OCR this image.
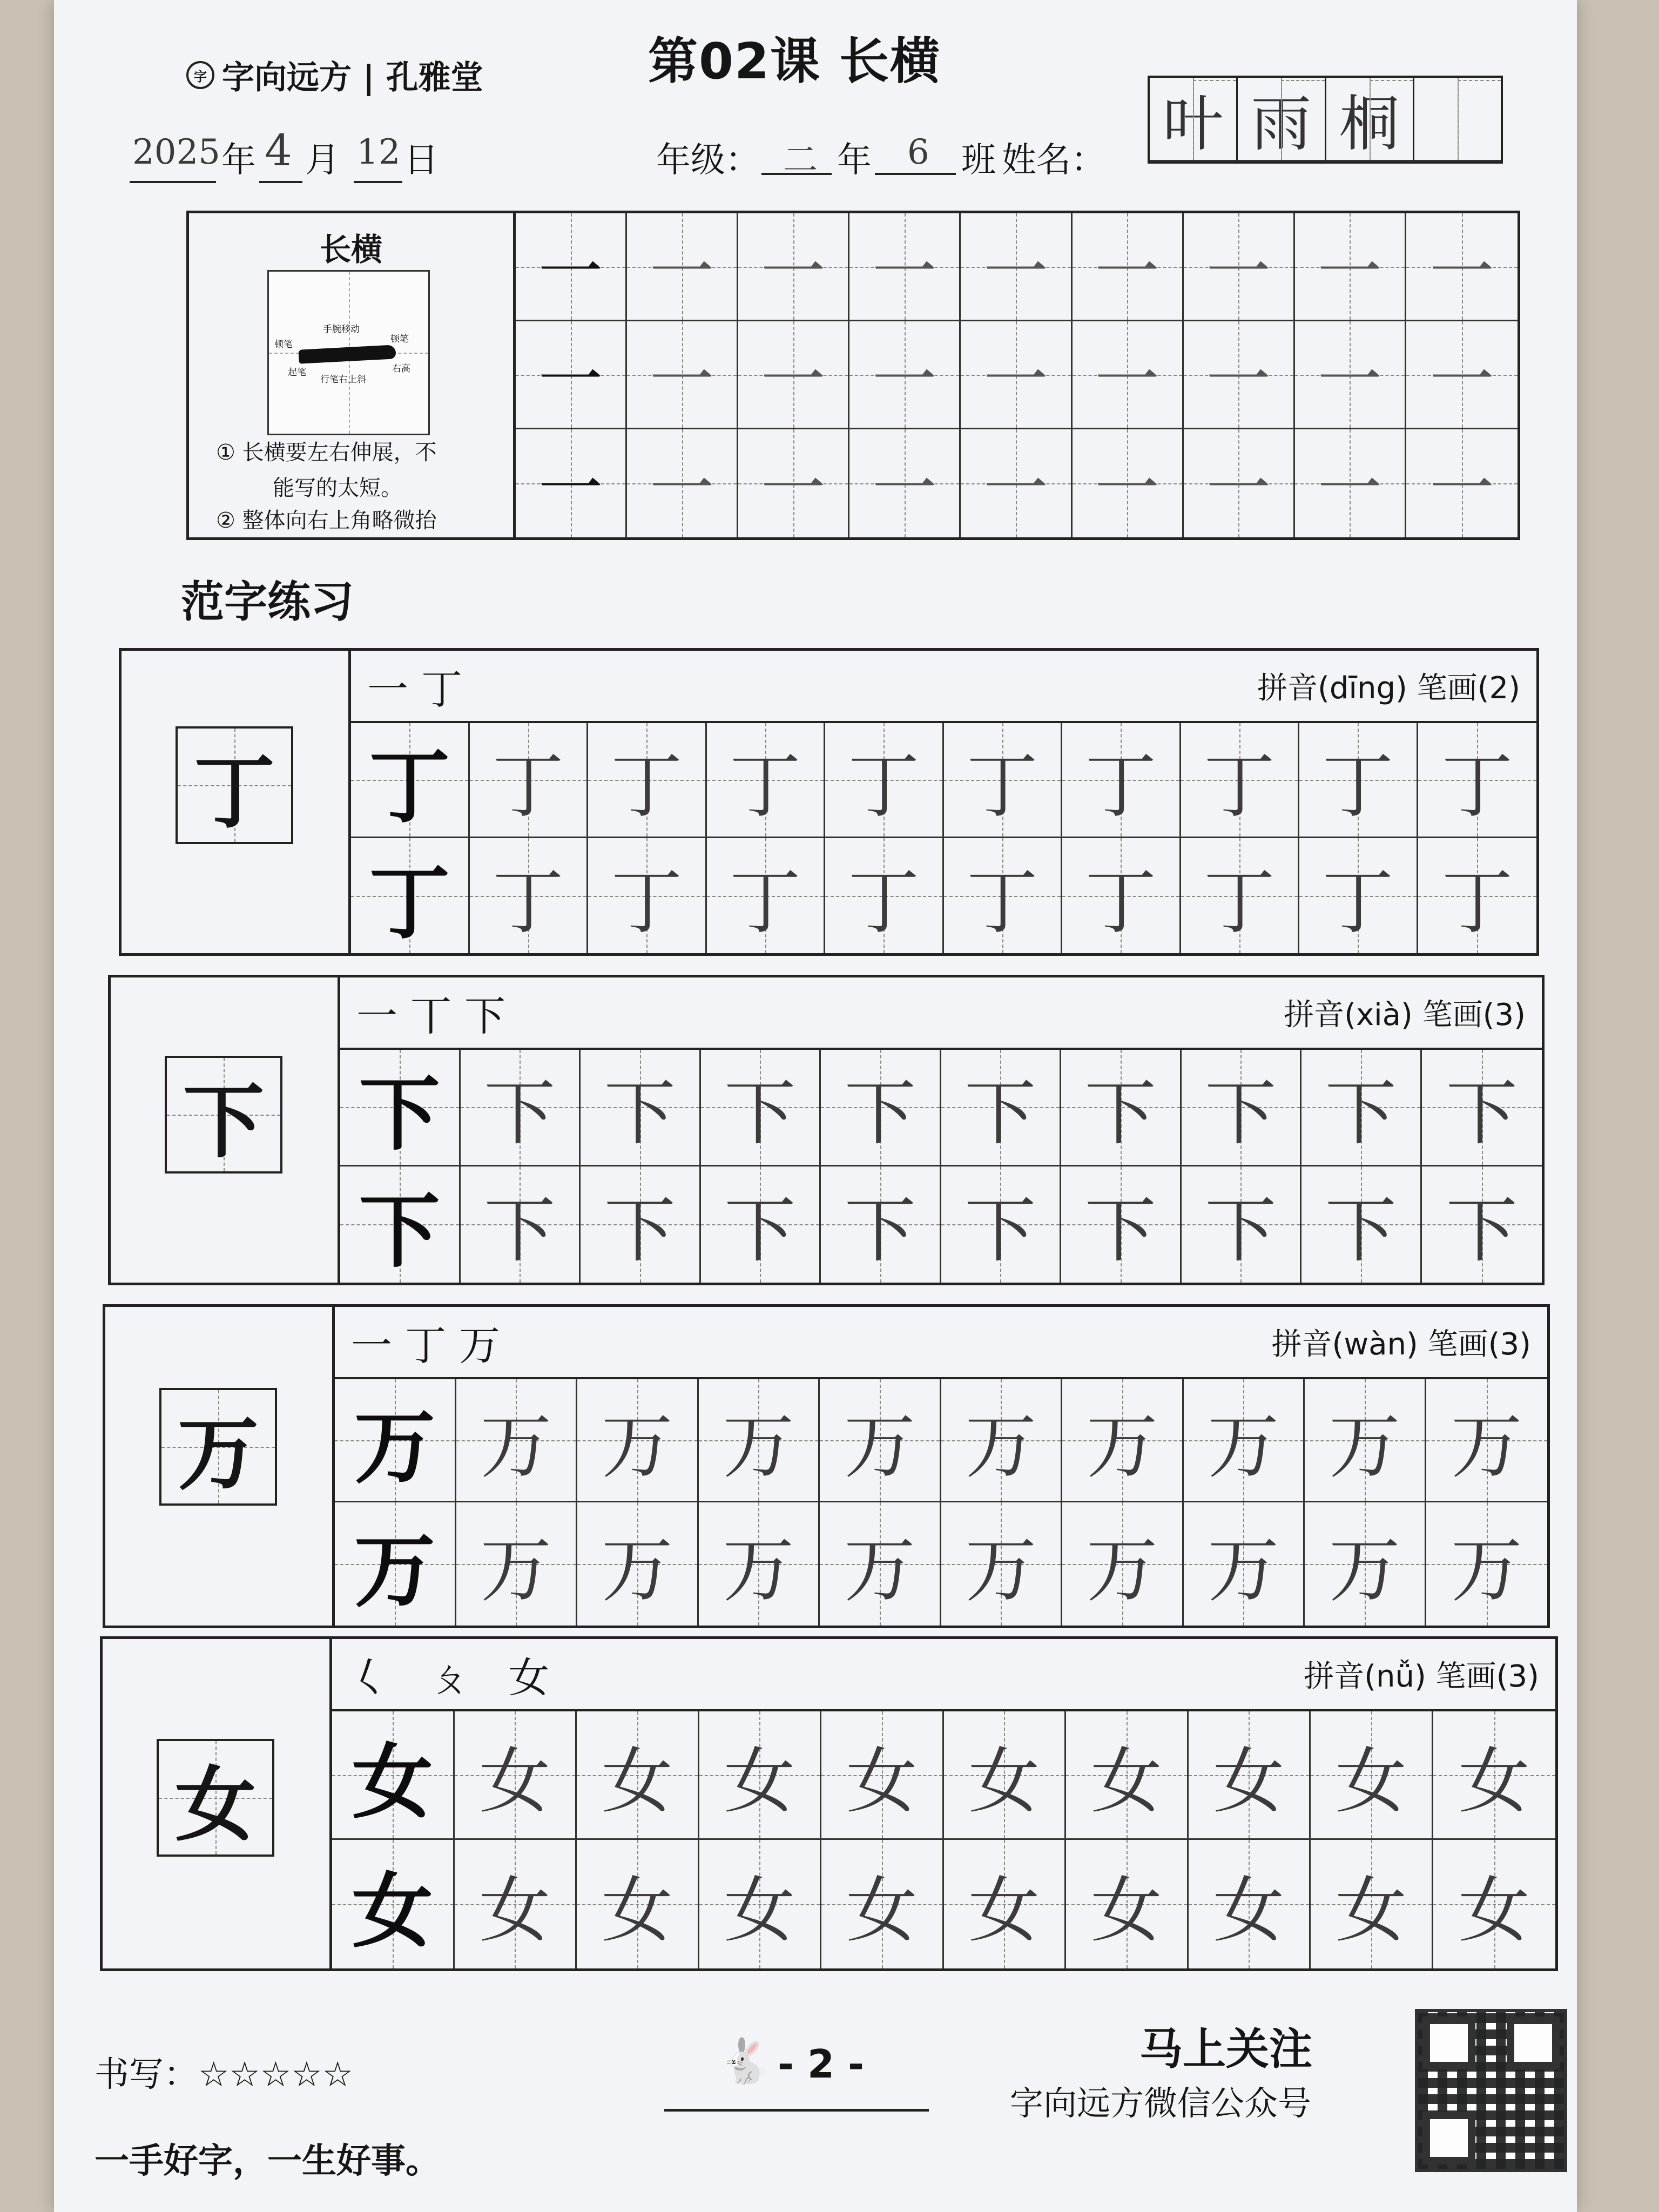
字 字向远方 | 孔雅堂	第02课 长横
2025 年 4 月 12 日	年级： 二 年 6 班 姓名：
叶 雨 桐
长横
手腕移动
顿笔	顿笔
起笔	右高
行笔右上斜
① 长横要左右伸展，不
能写的太短。
② 整体向右上角略微抬
一 一 一 一 一 一 一 一 一
一 一 一 一 一 一 一 一 一
一 一 一 一 一 一 一 一 一
范字练习
丁
一丁	拼音(dīng) 笔画(2)
丁 丁 丁 丁 丁 丁 丁 丁 丁 丁
丁 丁 丁 丁 丁 丁 丁 丁 丁 丁
下
一丅下	拼音(xià) 笔画(3)
下 下 下 下 下 下 下 下 下 下
下 下 下 下 下 下 下 下 下 下
万
一丁万	拼音(wàn) 笔画(3)
万 万 万 万 万 万 万 万 万 万
万 万 万 万 万 万 万 万 万 万
女
𡿨 ㄆ 女	拼音(nǚ) 笔画(3)
女 女 女 女 女 女 女 女 女 女
女 女 女 女 女 女 女 女 女 女
书写：☆☆☆☆☆
一手好字，一生好事。
🐇 - 2 -	马上关注
字向远方微信公众号
